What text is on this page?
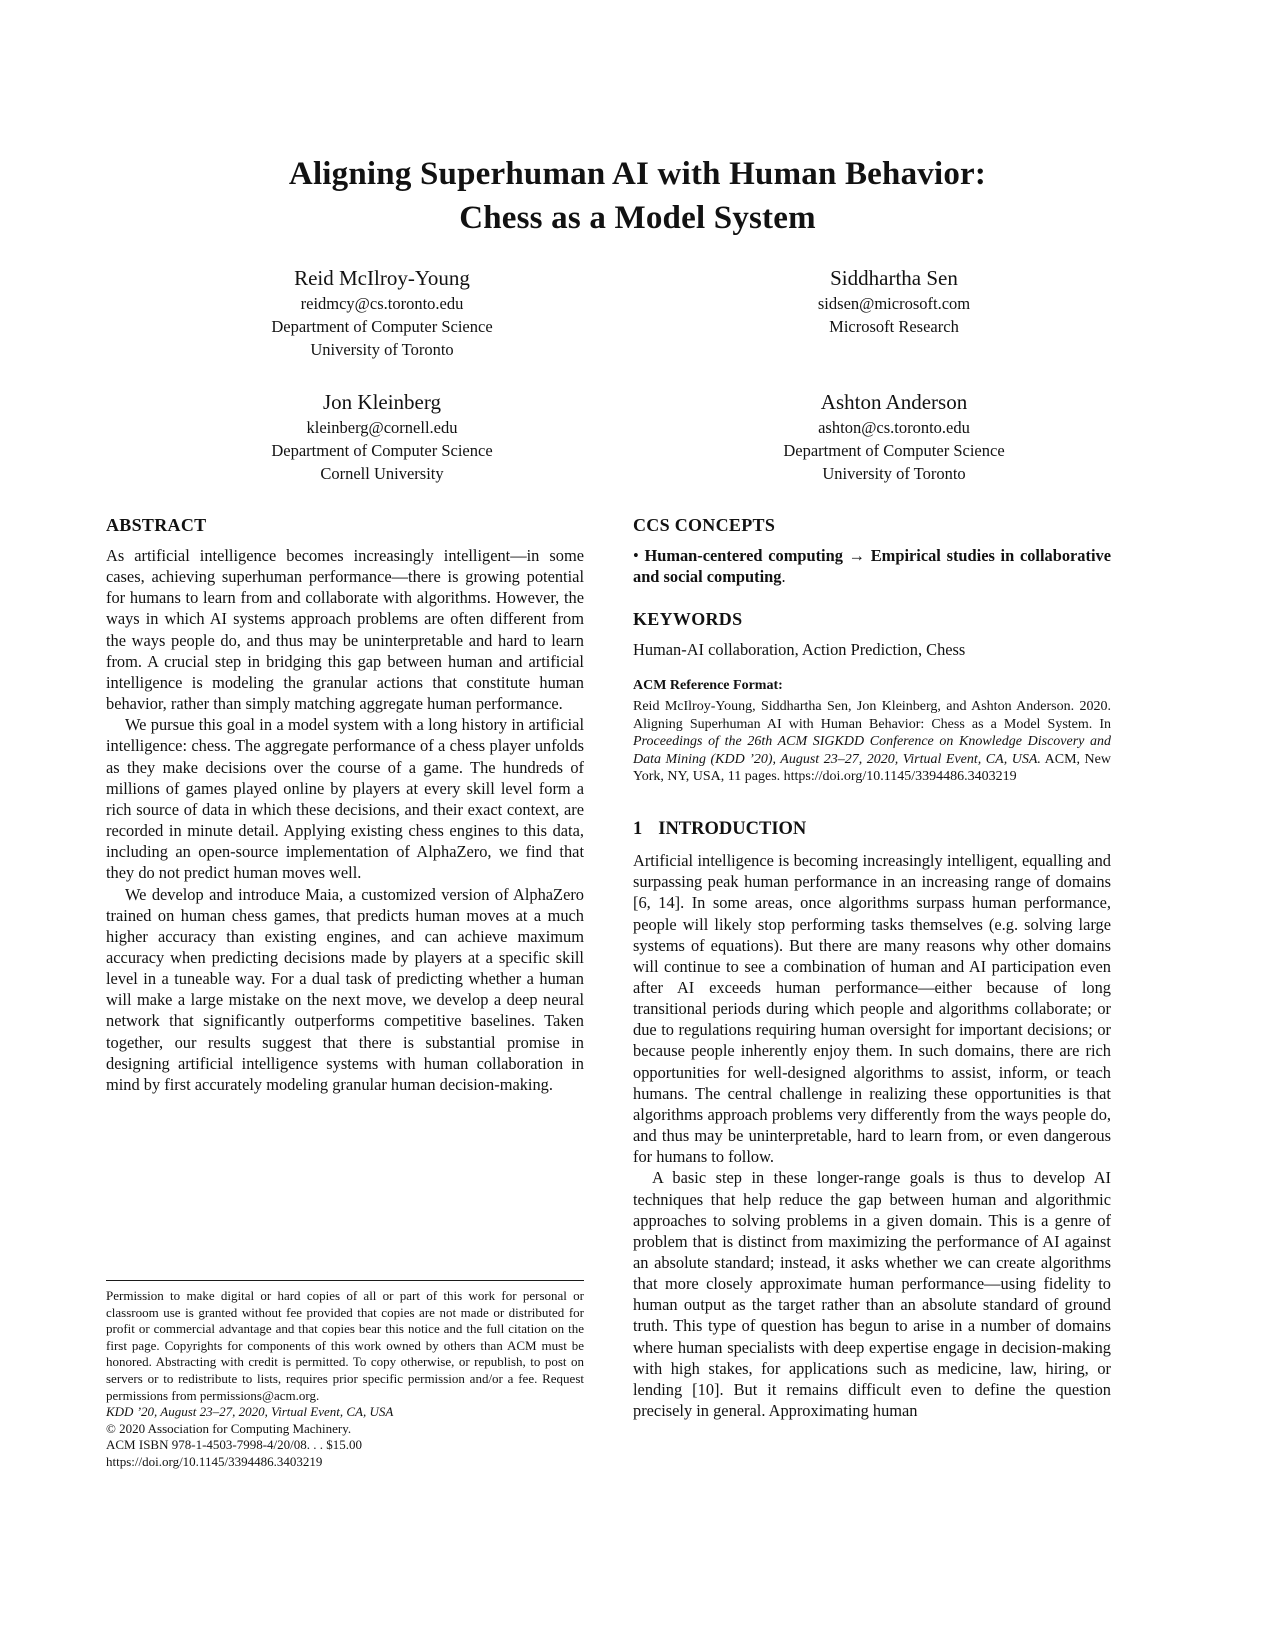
Aligning Superhuman AI with Human Behavior:
Chess as a Model System
Reid McIlroy-Young
reidmcy@cs.toronto.edu
Department of Computer Science
University of Toronto
Siddhartha Sen
sidsen@microsoft.com
Microsoft Research
Jon Kleinberg
kleinberg@cornell.edu
Department of Computer Science
Cornell University
Ashton Anderson
ashton@cs.toronto.edu
Department of Computer Science
University of Toronto
ABSTRACT

As artificial intelligence becomes increasingly intelligent—in some cases, achieving superhuman performance—there is growing potential for humans to learn from and collaborate with algorithms. However, the ways in which AI systems approach problems are often different from the ways people do, and thus may be uninterpretable and hard to learn from. A crucial step in bridging this gap between human and artificial intelligence is modeling the granular actions that constitute human behavior, rather than simply matching aggregate human performance.

We pursue this goal in a model system with a long history in artificial intelligence: chess. The aggregate performance of a chess player unfolds as they make decisions over the course of a game. The hundreds of millions of games played online by players at every skill level form a rich source of data in which these decisions, and their exact context, are recorded in minute detail. Applying existing chess engines to this data, including an open-source implementation of AlphaZero, we find that they do not predict human moves well.

We develop and introduce Maia, a customized version of AlphaZero trained on human chess games, that predicts human moves at a much higher accuracy than existing engines, and can achieve maximum accuracy when predicting decisions made by players at a specific skill level in a tuneable way. For a dual task of predicting whether a human will make a large mistake on the next move, we develop a deep neural network that significantly outperforms competitive baselines. Taken together, our results suggest that there is substantial promise in designing artificial intelligence systems with human collaboration in mind by first accurately modeling granular human decision-making.

CCS CONCEPTS

• Human-centered computing → Empirical studies in collaborative and social computing.

KEYWORDS

Human-AI collaboration, Action Prediction, Chess

ACM Reference Format:

Reid McIlroy-Young, Siddhartha Sen, Jon Kleinberg, and Ashton Anderson. 2020. Aligning Superhuman AI with Human Behavior: Chess as a Model System. In Proceedings of the 26th ACM SIGKDD Conference on Knowledge Discovery and Data Mining (KDD ’20), August 23–27, 2020, Virtual Event, CA, USA. ACM, New York, NY, USA, 11 pages. https://doi.org/10.1145/3394486.3403219

1 INTRODUCTION

Artificial intelligence is becoming increasingly intelligent, equalling and surpassing peak human performance in an increasing range of domains [6, 14]. In some areas, once algorithms surpass human performance, people will likely stop performing tasks themselves (e.g. solving large systems of equations). But there are many reasons why other domains will continue to see a combination of human and AI participation even after AI exceeds human performance—either because of long transitional periods during which people and algorithms collaborate; or due to regulations requiring human oversight for important decisions; or because people inherently enjoy them. In such domains, there are rich opportunities for well-designed algorithms to assist, inform, or teach humans. The central challenge in realizing these opportunities is that algorithms approach problems very differently from the ways people do, and thus may be uninterpretable, hard to learn from, or even dangerous for humans to follow.

A basic step in these longer-range goals is thus to develop AI techniques that help reduce the gap between human and algorithmic approaches to solving problems in a given domain. This is a genre of problem that is distinct from maximizing the performance of AI against an absolute standard; instead, it asks whether we can create algorithms that more closely approximate human performance—using fidelity to human output as the target rather than an absolute standard of ground truth. This type of question has begun to arise in a number of domains where human specialists with deep expertise engage in decision-making with high stakes, for applications such as medicine, law, hiring, or lending [10]. But it remains difficult even to define the question precisely in general. Approximating human

Permission to make digital or hard copies of all or part of this work for personal or classroom use is granted without fee provided that copies are not made or distributed for profit or commercial advantage and that copies bear this notice and the full citation on the first page. Copyrights for components of this work owned by others than ACM must be honored. Abstracting with credit is permitted. To copy otherwise, or republish, to post on servers or to redistribute to lists, requires prior specific permission and/or a fee. Request permissions from permissions@acm.org.

KDD ’20, August 23–27, 2020, Virtual Event, CA, USA

© 2020 Association for Computing Machinery.

ACM ISBN 978-1-4503-7998-4/20/08. . . $15.00

https://doi.org/10.1145/3394486.3403219
